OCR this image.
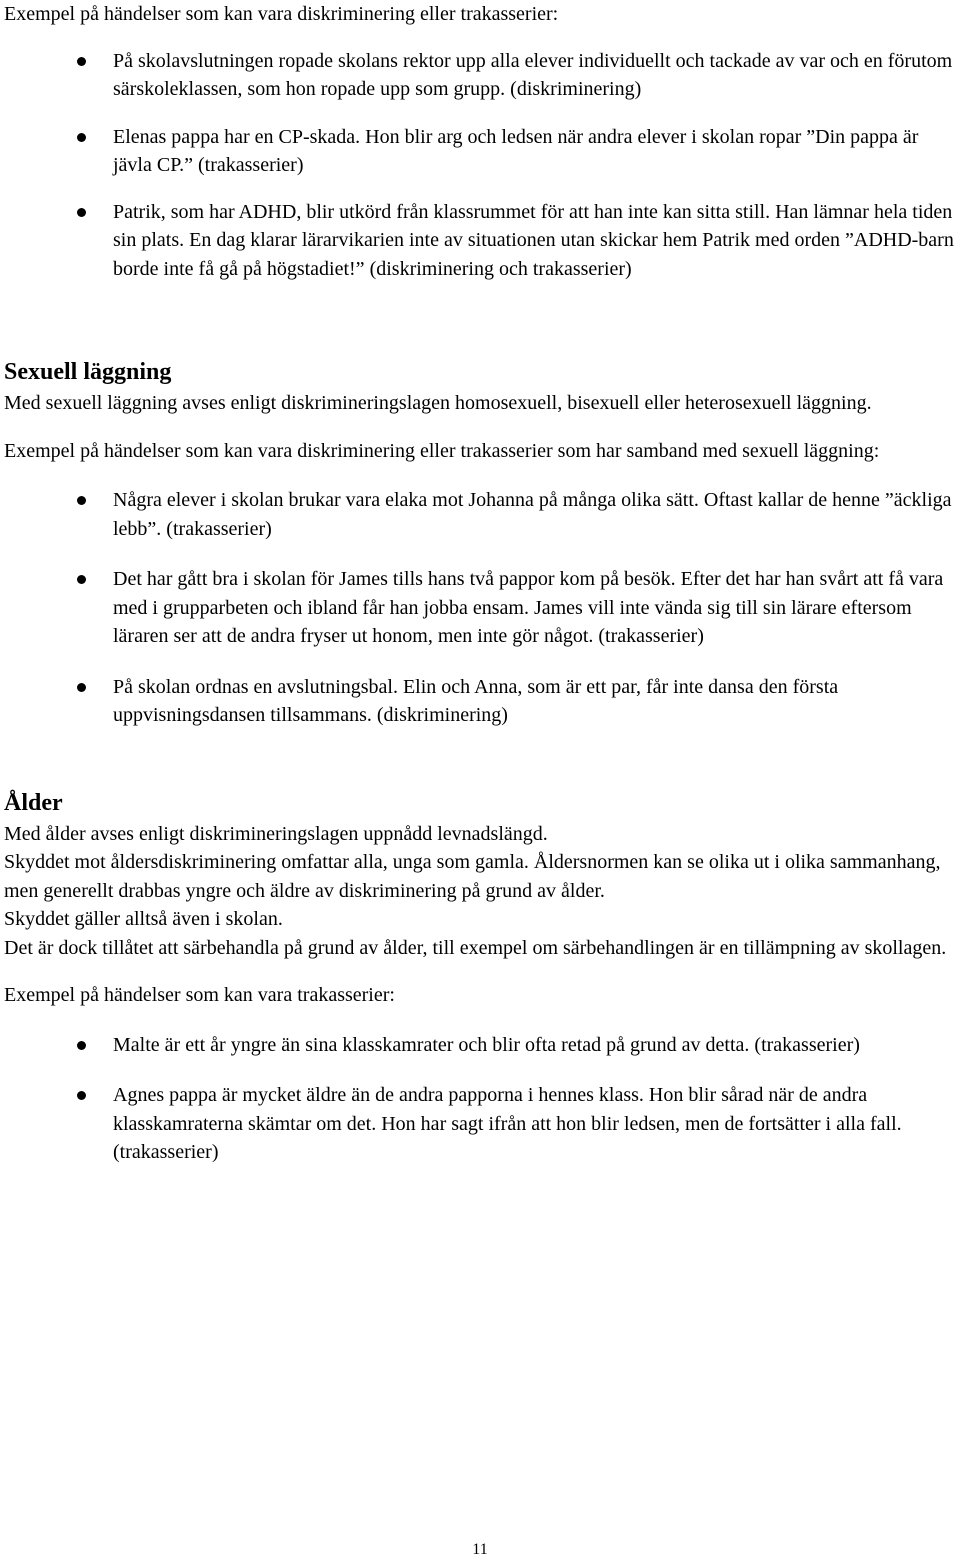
Exempel på händelser som kan vara diskriminering eller trakasserier:

På skolavslutningen ropade skolans rektor upp alla elever individuellt och tackade av var och en förutom särskoleklassen, som hon ropade upp som grupp. (diskriminering)
Elenas pappa har en CP-skada. Hon blir arg och ledsen när andra elever i skolan ropar ”Din pappa är jävla CP.” (trakasserier)
Patrik, som har ADHD, blir utkörd från klassrummet för att han inte kan sitta still. Han lämnar hela tiden sin plats. En dag klarar lärarvikarien inte av situationen utan skickar hem Patrik med orden ”ADHD-barn borde inte få gå på högstadiet!” (diskriminering och trakasserier)
Sexuell läggning

Med sexuell läggning avses enligt diskrimineringslagen homosexuell, bisexuell eller heterosexuell läggning.

Exempel på händelser som kan vara diskriminering eller trakasserier som har samband med sexuell läggning:

Några elever i skolan brukar vara elaka mot Johanna på många olika sätt. Oftast kallar de henne ”äckliga lebb”. (trakasserier)
Det har gått bra i skolan för James tills hans två pappor kom på besök. Efter det har han svårt att få vara med i grupparbeten och ibland får han jobba ensam. James vill inte vända sig till sin lärare eftersom läraren ser att de andra fryser ut honom, men inte gör något. (trakasserier)
På skolan ordnas en avslutningsbal. Elin och Anna, som är ett par, får inte dansa den första uppvisningsdansen tillsammans. (diskriminering)
Ålder

Med ålder avses enligt diskrimineringslagen uppnådd levnadslängd.

Skyddet mot åldersdiskriminering omfattar alla, unga som gamla. Åldersnormen kan se olika ut i olika sammanhang, men generellt drabbas yngre och äldre av diskriminering på grund av ålder.

Skyddet gäller alltså även i skolan.

Det är dock tillåtet att särbehandla på grund av ålder, till exempel om särbehandlingen är en tillämpning av skollagen.

Exempel på händelser som kan vara trakasserier:

Malte är ett år yngre än sina klasskamrater och blir ofta retad på grund av detta. (trakasserier)
Agnes pappa är mycket äldre än de andra papporna i hennes klass. Hon blir sårad när de andra klasskamraterna skämtar om det. Hon har sagt ifrån att hon blir ledsen, men de fortsätter i alla fall. (trakasserier)
11
